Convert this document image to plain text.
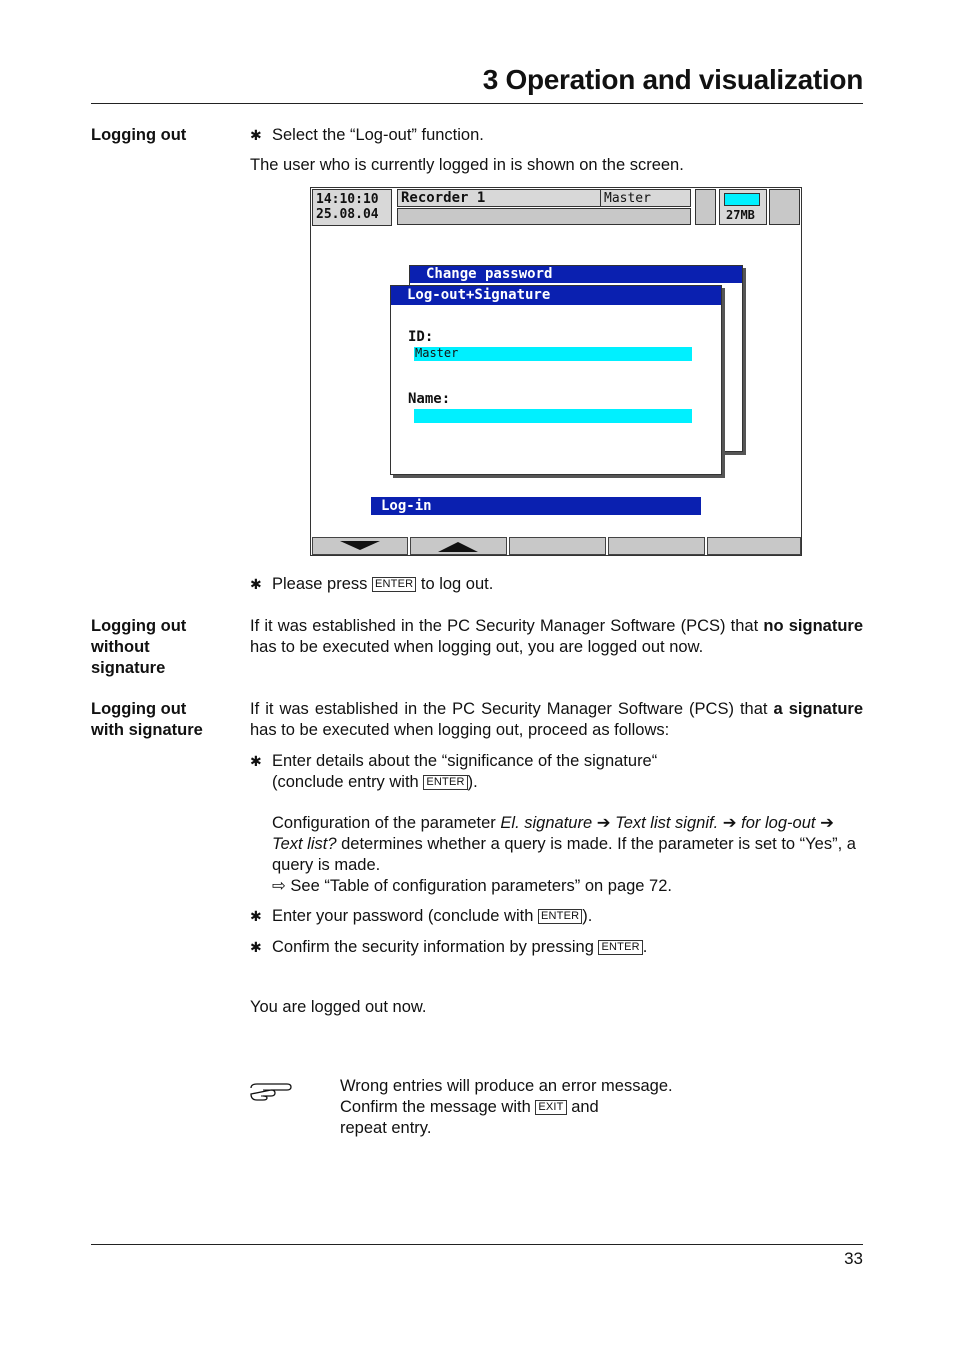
3 Operation and visualization
Logging out	✱ Select the “Log-out” function.
The user who is currently logged in is shown on the screen.
14:10:10
25.08.04
Recorder 1	Master
27MB
Change password
Log-out+Signature
ID:
Master
Name:
Log-in
✱ Please press ENTER to log out.
Logging out
without
signature
If it was established in the PC Security Manager Software (PCS) that no signature has to be executed when logging out, you are logged out now.
Logging out
with signature
If it was established in the PC Security Manager Software (PCS) that a signature has to be executed when logging out, proceed as follows:
✱ Enter details about the “significance of the signature“
(conclude entry with ENTER ).
Configuration of the parameter El. signature ➔ Text list signif. ➔ for log-out ➔ Text list? determines whether a query is made. If the parameter is set to “Yes”, a query is made.
⇨ See “Table of configuration parameters” on page 72.
✱ Enter your password (conclude with ENTER ).
✱ Confirm the security information by pressing ENTER .
You are logged out now.
Wrong entries will produce an error message.
Confirm the message with EXIT and
repeat entry.
33
